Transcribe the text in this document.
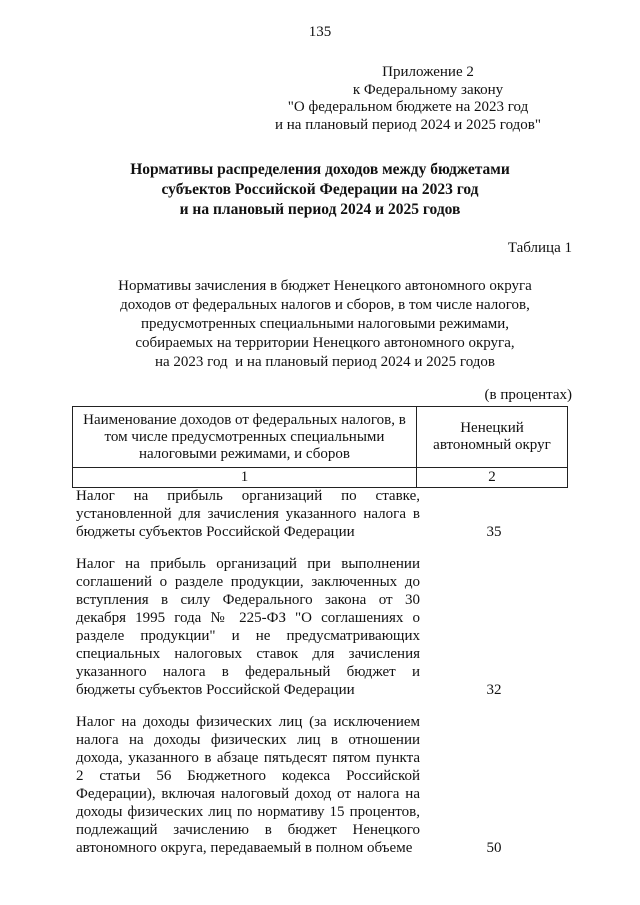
135
Приложение 2
к Федеральному закону
"О федеральном бюджете на 2023 год
и на плановый период 2024 и 2025 годов"
Нормативы распределения доходов между бюджетами
субъектов Российской Федерации на 2023 год
и на плановый период 2024 и 2025 годов
Таблица 1
Нормативы зачисления в бюджет Ненецкого автономного округа
доходов от федеральных налогов и сборов, в том числе налогов,
предусмотренных специальными налоговыми режимами,
собираемых на территории Ненецкого автономного округа,
на 2023 год  и на плановый период 2024 и 2025 годов
(в процентах)
Наименование доходов от федеральных налогов, в том числе предусмотренных специальными налоговыми режимами, и сборов	Ненецкий автономный округ
1	2
Налог на прибыль организаций по ставке, установленной для зачисления указанного налога в бюджеты субъектов Российской Федерации	35
Налог на прибыль организаций при выполнении соглашений о разделе продукции, заключенных до вступления в силу Федерального закона от 30 декабря 1995 года № 225-ФЗ "О соглашениях о разделе продукции" и не предусматривающих специальных налоговых ставок для зачисления указанного налога в федеральный бюджет и бюджеты субъектов Российской Федерации	32
Налог на доходы физических лиц (за исключением налога на доходы физических лиц в отношении дохода, указанного в абзаце пятьдесят пятом пункта 2 статьи 56 Бюджетного кодекса Российской Федерации), включая налоговый доход от налога на доходы физических лиц по нормативу 15 процентов, подлежащий зачислению в бюджет Ненецкого автономного округа, передаваемый в полном объеме	50
